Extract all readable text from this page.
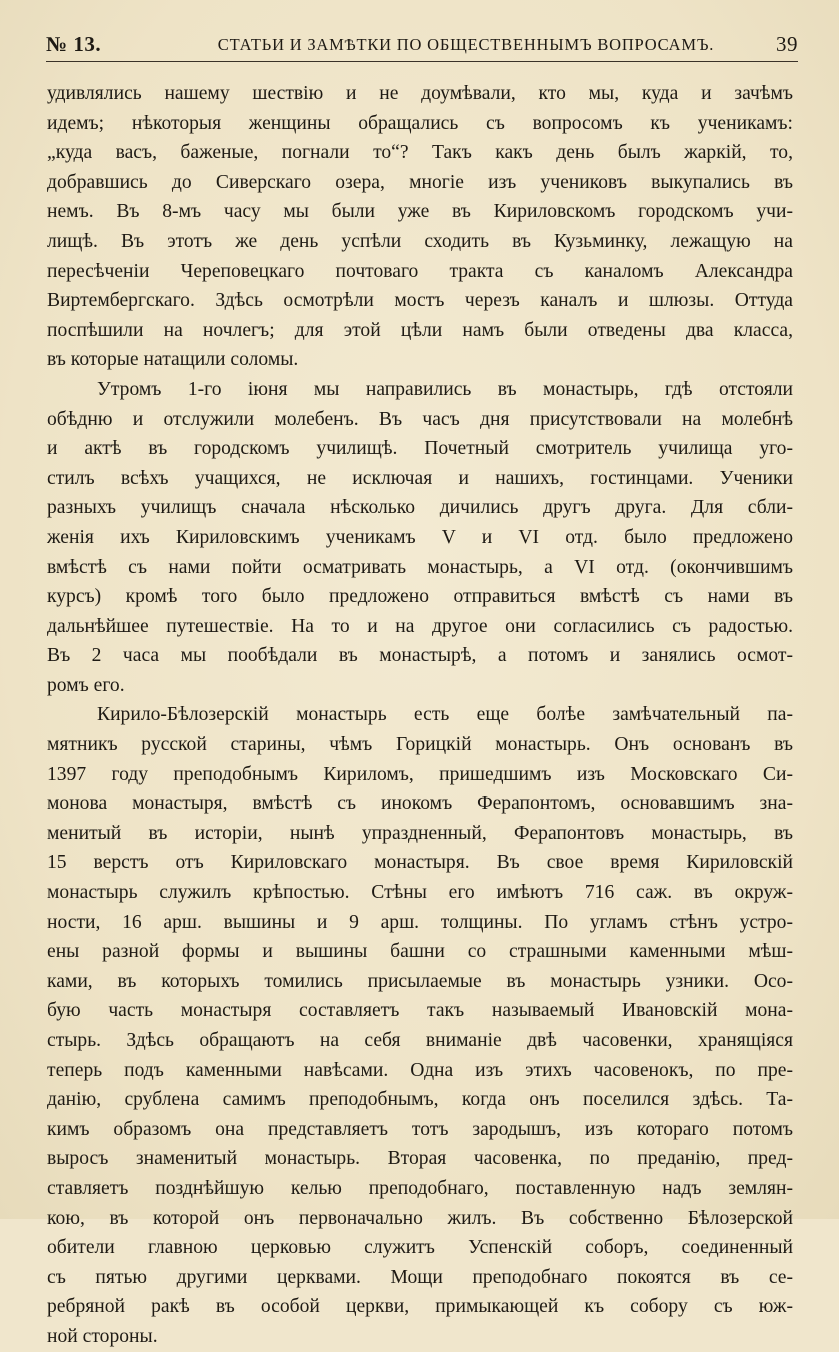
№ 13.	СТАТЬИ И ЗАМѢТКИ ПО ОБЩЕСТВЕННЫМЪ ВОПРОСАМЪ.	39
удивлялись нашему шествiю и не доумѣвали, кто мы, куда и зачѣмъ
идемъ; нѣкоторыя женщины обращались съ вопросомъ къ ученикамъ:
„куда васъ, баженые, погнали то“? Такъ какъ день былъ жаркiй, то,
добравшись до Сиверскаго озера, многiе изъ учениковъ выкупались въ
немъ. Въ 8-мъ часу мы были уже въ Кириловскомъ городскомъ учи-
лищѣ. Въ этотъ же день успѣли сходить въ Кузьминку, лежащую на
пересѣченiи Череповецкаго почтоваго тракта съ каналомъ Александра
Виртембергскаго. Здѣсь осмотрѣли мостъ черезъ каналъ и шлюзы. Оттуда
поспѣшили на ночлегъ; для этой цѣли намъ были отведены два класса,
въ которые натащили соломы.
Утромъ 1-го iюня мы направились въ монастырь, гдѣ отстояли
обѣдню и отслужили молебенъ. Въ часъ дня присутствовали на молебнѣ
и актѣ въ городскомъ училищѣ. Почетный смотритель училища уго-
стилъ всѣхъ учащихся, не исключая и нашихъ, гостинцами. Ученики
разныхъ училищъ сначала нѣсколько дичились другъ друга. Для сбли-
женiя ихъ Кириловскимъ ученикамъ V и VI отд. было предложено
вмѣстѣ съ нами пойти осматривать монастырь, а VI отд. (окончившимъ
курсъ) кромѣ того было предложено отправиться вмѣстѣ съ нами въ
дальнѣйшее путешествiе. На то и на другое они согласились съ радостью.
Въ 2 часа мы пообѣдали въ монастырѣ, а потомъ и занялись осмот-
ромъ его.
Кирило-Бѣлозерскiй монастырь есть еще болѣе замѣчательный па-
мятникъ русской старины, чѣмъ Горицкiй монастырь. Онъ основанъ въ
1397 году преподобнымъ Кириломъ, пришедшимъ изъ Московскаго Си-
монова монастыря, вмѣстѣ съ инокомъ Ферапонтомъ, основавшимъ зна-
менитый въ исторiи, нынѣ упраздненный, Ферапонтовъ монастырь, въ
15 верстъ отъ Кириловскаго монастыря. Въ свое время Кириловскiй
монастырь служилъ крѣпостью. Стѣны его имѣютъ 716 саж. въ окруж-
ности, 16 арш. вышины и 9 арш. толщины. По угламъ стѣнъ устро-
ены разной формы и вышины башни со страшными каменными мѣш-
ками, въ которыхъ томились присылаемые въ монастырь узники. Осо-
бую часть монастыря составляетъ такъ называемый Ивановскiй мона-
стырь. Здѣсь обращаютъ на себя вниманiе двѣ часовенки, хранящiяся
теперь подъ каменными навѣсами. Одна изъ этихъ часовенокъ, по пре-
данiю, срублена самимъ преподобнымъ, когда онъ поселился здѣсь. Та-
кимъ образомъ она представляетъ тотъ зародышъ, изъ котораго потомъ
выросъ знаменитый монастырь. Вторая часовенка, по преданiю, пред-
ставляетъ позднѣйшую келью преподобнаго, поставленную надъ землян-
кою, въ которой онъ первоначально жилъ. Въ собственно Бѣлозерской
обители главною церковью служитъ Успенскiй соборъ, соединенный
съ пятью другими церквами. Мощи преподобнаго покоятся въ се-
ребряной ракѣ въ особой церкви, примыкающей къ собору съ юж-
ной стороны.
